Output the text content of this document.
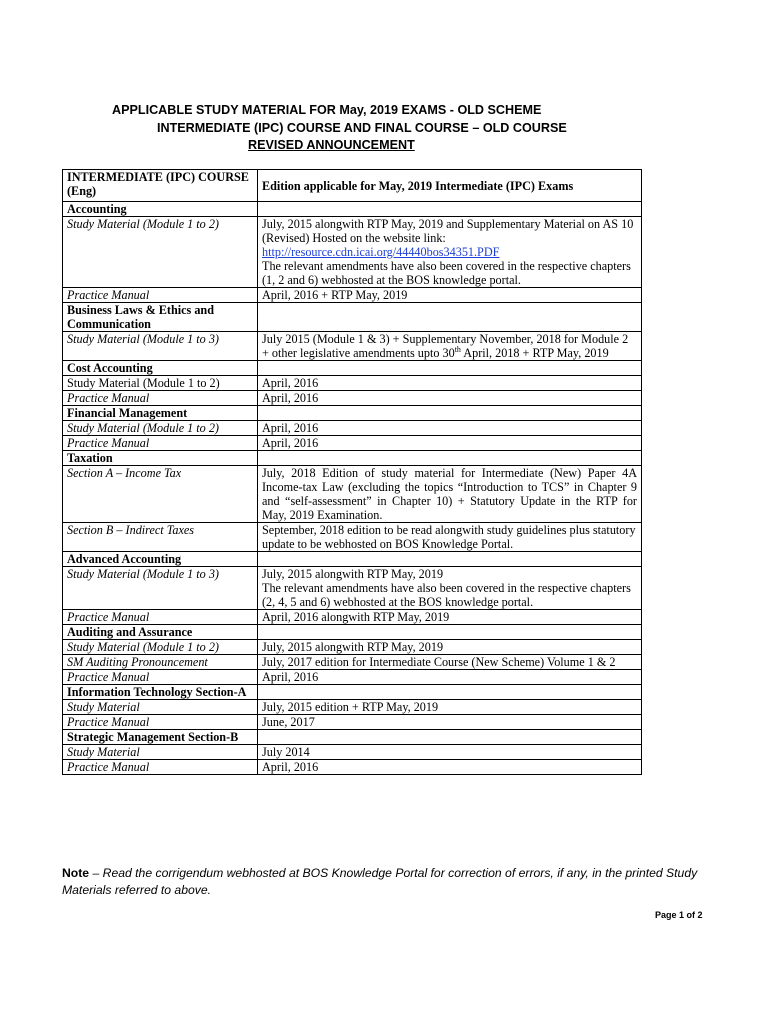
APPLICABLE STUDY MATERIAL FOR May, 2019 EXAMS - OLD SCHEME
INTERMEDIATE (IPC) COURSE AND FINAL COURSE – OLD COURSE
REVISED ANNOUNCEMENT
INTERMEDIATE (IPC) COURSE (Eng)	Edition applicable for May, 2019 Intermediate (IPC) Exams
Accounting	
Study Material (Module 1 to 2)	July, 2015 alongwith RTP May, 2019 and Supplementary Material on AS 10 (Revised) Hosted on the website link:
http://resource.cdn.icai.org/44440bos34351.PDF
The relevant amendments have also been covered in the respective chapters (1, 2 and 6) webhosted at the BOS knowledge portal.
Practice Manual	April, 2016 + RTP May, 2019
Business Laws & Ethics and Communication	
Study Material (Module 1 to 3)	July 2015 (Module 1 & 3) + Supplementary November, 2018 for Module 2 + other legislative amendments upto 30th April, 2018 + RTP May, 2019
Cost Accounting	
Study Material (Module 1 to 2)	April, 2016
Practice Manual	April, 2016
Financial Management	
Study Material (Module 1 to 2)	April, 2016
Practice Manual	April, 2016
Taxation	
Section A – Income Tax	July, 2018 Edition of study material for Intermediate (New) Paper 4A Income-tax Law (excluding the topics “Introduction to TCS” in Chapter 9 and “self-assessment” in Chapter 10) + Statutory Update in the RTP for May, 2019 Examination.
Section B – Indirect Taxes	September, 2018 edition to be read alongwith study guidelines plus statutory update to be webhosted on BOS Knowledge Portal.
Advanced Accounting	
Study Material (Module 1 to 3)	July, 2015 alongwith RTP May, 2019
The relevant amendments have also been covered in the respective chapters (2, 4, 5 and 6) webhosted at the BOS knowledge portal.
Practice Manual	April, 2016 alongwith RTP May, 2019
Auditing and Assurance	
Study Material (Module 1 to 2)	July, 2015 alongwith RTP May, 2019
SM Auditing Pronouncement	July, 2017 edition for Intermediate Course (New Scheme) Volume 1 & 2
Practice Manual	April, 2016
Information Technology Section-A	
Study Material	July, 2015 edition + RTP May, 2019
Practice Manual	June, 2017
Strategic Management Section-B	
Study Material	July 2014
Practice Manual	April, 2016
Note – Read the corrigendum webhosted at BOS Knowledge Portal for correction of errors, if any, in the printed Study Materials referred to above.
Page 1 of 2
